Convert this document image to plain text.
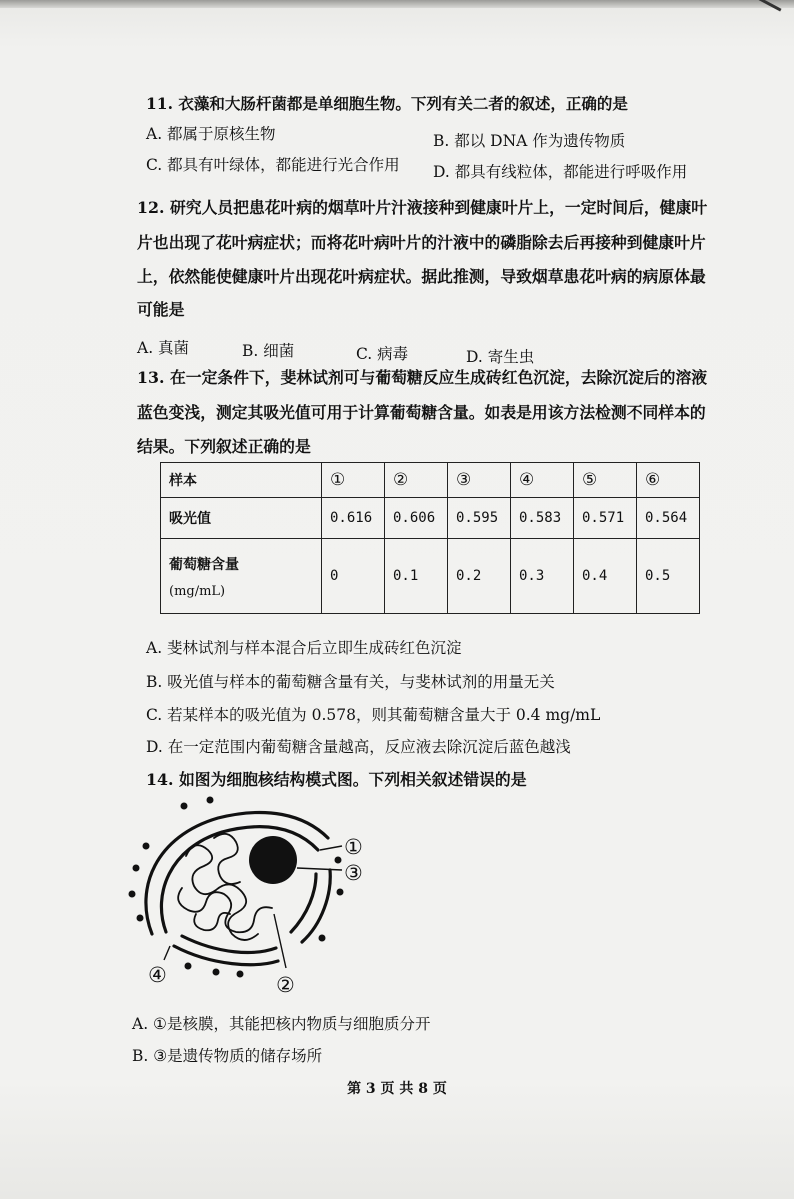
11. 衣藻和大肠杆菌都是单细胞生物。下列有关二者的叙述，正确的是
A. 都属于原核生物	B. 都以 DNA 作为遗传物质
C. 都具有叶绿体，都能进行光合作用 D. 都具有线粒体，都能进行呼吸作用
12. 研究人员把患花叶病的烟草叶片汁液接种到健康叶片上，一定时间后，健康叶
片也出现了花叶病症状；而将花叶病叶片的汁液中的磷脂除去后再接种到健康叶片
上，依然能使健康叶片出现花叶病症状。据此推测，导致烟草患花叶病的病原体最
可能是
A. 真菌	B. 细菌	C. 病毒	D. 寄生虫
13. 在一定条件下，斐林试剂可与葡萄糖反应生成砖红色沉淀，去除沉淀后的溶液
蓝色变浅，测定其吸光值可用于计算葡萄糖含量。如表是用该方法检测不同样本的
结果。下列叙述正确的是
样本	①	②	③	④	⑤	⑥
吸光值	0.616	0.606	0.595	0.583	0.571	0.564
葡萄糖含量
(mg/mL)	0	0.1	0.2	0.3	0.4	0.5
A. 斐林试剂与样本混合后立即生成砖红色沉淀
B. 吸光值与样本的葡萄糖含量有关，与斐林试剂的用量无关
C. 若某样本的吸光值为 0.578，则其葡萄糖含量大于 0.4 mg/mL
D. 在一定范围内葡萄糖含量越高，反应液去除沉淀后蓝色越浅
14. 如图为细胞核结构模式图。下列相关叙述错误的是
①
③
②
④
A. ①是核膜，其能把核内物质与细胞质分开
B. ③是遗传物质的储存场所
第 3 页 共 8 页
